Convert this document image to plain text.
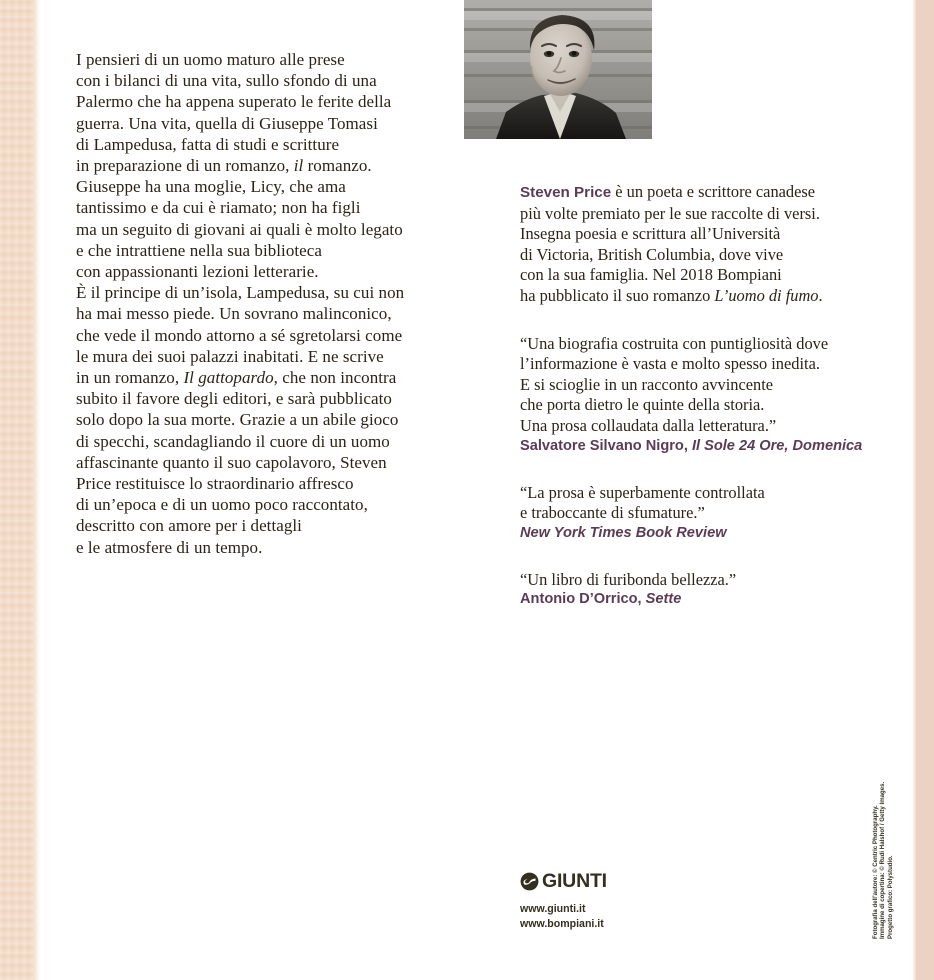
I pensieri di un uomo maturo alle prese
con i bilanci di una vita, sullo sfondo di una
Palermo che ha appena superato le ferite della
guerra. Una vita, quella di Giuseppe Tomasi
di Lampedusa, fatta di studi e scritture
in preparazione di un romanzo, il romanzo.
Giuseppe ha una moglie, Licy, che ama
tantissimo e da cui è riamato; non ha figli
ma un seguito di giovani ai quali è molto legato
e che intrattiene nella sua biblioteca
con appassionanti lezioni letterarie.
È il principe di un’isola, Lampedusa, su cui non
ha mai messo piede. Un sovrano malinconico,
che vede il mondo attorno a sé sgretolarsi come
le mura dei suoi palazzi inabitati. E ne scrive
in un romanzo, Il gattopardo, che non incontra
subito il favore degli editori, e sarà pubblicato
solo dopo la sua morte. Grazie a un abile gioco
di specchi, scandagliando il cuore di un uomo
affascinante quanto il suo capolavoro, Steven
Price restituisce lo straordinario affresco
di un’epoca e di un uomo poco raccontato,
descritto con amore per i dettagli
e le atmosfere di un tempo.
Steven Price è un poeta e scrittore canadese
più volte premiato per le sue raccolte di versi.
Insegna poesia e scrittura all’Università
di Victoria, British Columbia, dove vive
con la sua famiglia. Nel 2018 Bompiani
ha pubblicato il suo romanzo L’uomo di fumo.
“Una biografia costruita con puntigliosità dove
l’informazione è vasta e molto spesso inedita.
E si scioglie in un racconto avvincente
che porta dietro le quinte della storia.
Una prosa collaudata dalla letteratura.”
Salvatore Silvano Nigro, Il Sole 24 Ore, Domenica
“La prosa è superbamente controllata
e traboccante di sfumature.”
New York Times Book Review
“Un libro di furibonda bellezza.”
Antonio D’Orrico, Sette
GIUNTI
www.giunti.it
www.bompiani.it	Fotografia dell’autore: © Centric Photography. Immagine di copertina: © Rudi Halshof / Getty Images. Progetto grafico: Polystudio.
